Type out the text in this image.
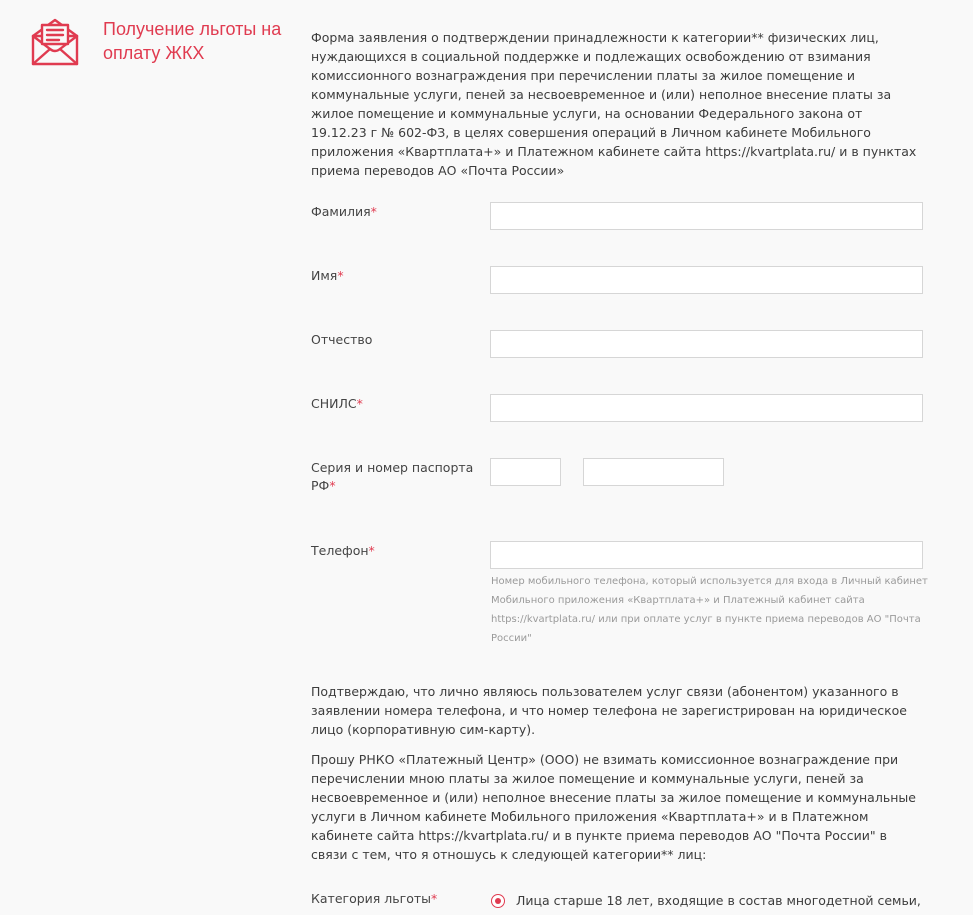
Получение льготы на оплату ЖКХ
Форма заявления о подтверждении принадлежности к категории** физических лиц, нуждающихся в социальной поддержке и подлежащих освобождению от взимания комиссионного вознаграждения при перечислении платы за жилое помещение и коммунальные услуги, пеней за несвоевременное и (или) неполное внесение платы за жилое помещение и коммунальные услуги, на основании Федерального закона от 19.12.23 г № 602-ФЗ, в целях совершения операций в Личном кабинете Мобильного приложения «Квартплата+» и Платежном кабинете сайта https://kvartplata.ru/ и в пунктах приема переводов АО «Почта России»
Фамилия*
Имя*
Отчество
СНИЛС*
Серия и номер паспорта РФ*
Телефон*
Номер мобильного телефона, который используется для входа в Личный кабинет Мобильного приложения «Квартплата+» и Платежный кабинет сайта https://kvartplata.ru/ или при оплате услуг в пункте приема переводов АО "Почта России"
Подтверждаю, что лично являюсь пользователем услуг связи (абонентом) указанного в заявлении номера телефона, и что номер телефона не зарегистрирован на юридическое лицо (корпоративную сим-карту).
Прошу РНКО «Платежный Центр» (ООО) не взимать комиссионное вознаграждение при перечислении мною платы за жилое помещение и коммунальные услуги, пеней за несвоевременное и (или) неполное внесение платы за жилое помещение и коммунальные услуги в Личном кабинете Мобильного приложения «Квартплата+» и в Платежном кабинете сайта https://kvartplata.ru/ и в пункте приема переводов АО "Почта России" в связи с тем, что я отношусь к следующей категории** лиц:
Категория льготы*	Лица старше 18 лет, входящие в состав многодетной семьи,
